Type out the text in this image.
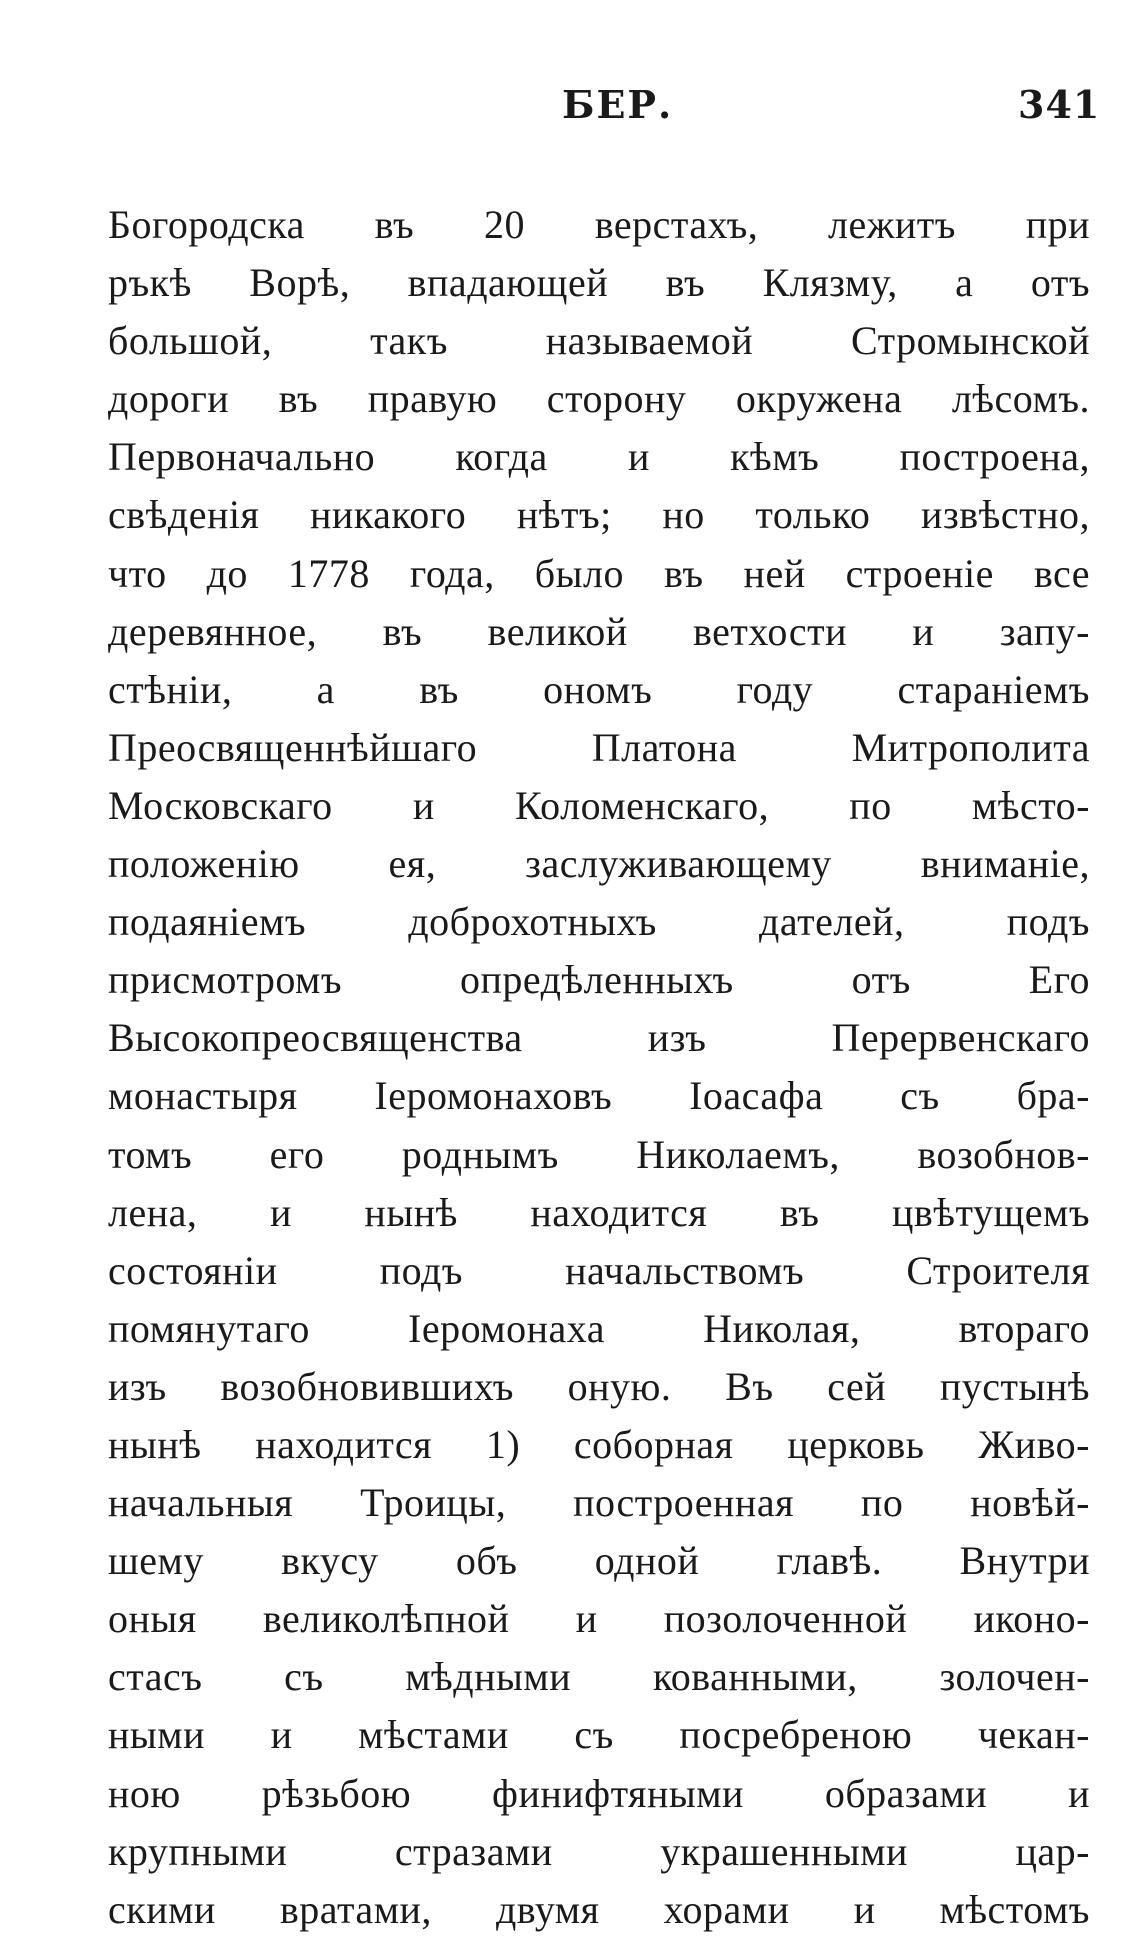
БЕР.	341
Богородска въ 20 верстахъ, лежитъ при
ръкѣ Ворѣ, впадающей въ Клязму, а отъ
большой, такъ называемой Стромынской
дороги въ правую сторону окружена лѣсомъ.
Первоначально когда и кѣмъ построена,
свѣденія никакого нѣтъ; но только извѣстно,
что до 1778 года, было въ ней строеніе все
деревянное, въ великой ветхости и запу-
стѣніи, а въ ономъ году стараніемъ
Преосвященнѣйшаго Платона Митрополита
Московскаго и Коломенскаго, по мѣсто-
положенію ея, заслуживающему вниманіе,
подаяніемъ доброхотныхъ дателей, подъ
присмотромъ опредѣленныхъ отъ Его
Высокопреосвященства изъ Перервенскаго
монастыря Іеромонаховъ Іоасафа съ бра-
томъ его роднымъ Николаемъ, возобнов-
лена, и нынѣ находится въ цвѣтущемъ
состояніи подъ начальствомъ Строителя
помянутаго Іеромонаха Николая, втораго
изъ возобновившихъ оную. Въ сей пустынѣ
нынѣ находится 1) соборная церковь Живо-
начальныя Троицы, построенная по новѣй-
шему вкусу объ одной главѣ. Внутри
оныя великолѣпной и позолоченной иконо-
стасъ съ мѣдными кованными, золочен-
ными и мѣстами съ посребреною чекан-
ною рѣзьбою финифтяными образами и
крупными стразами украшенными цар-
скими вратами, двумя хорами и мѣстомъ
